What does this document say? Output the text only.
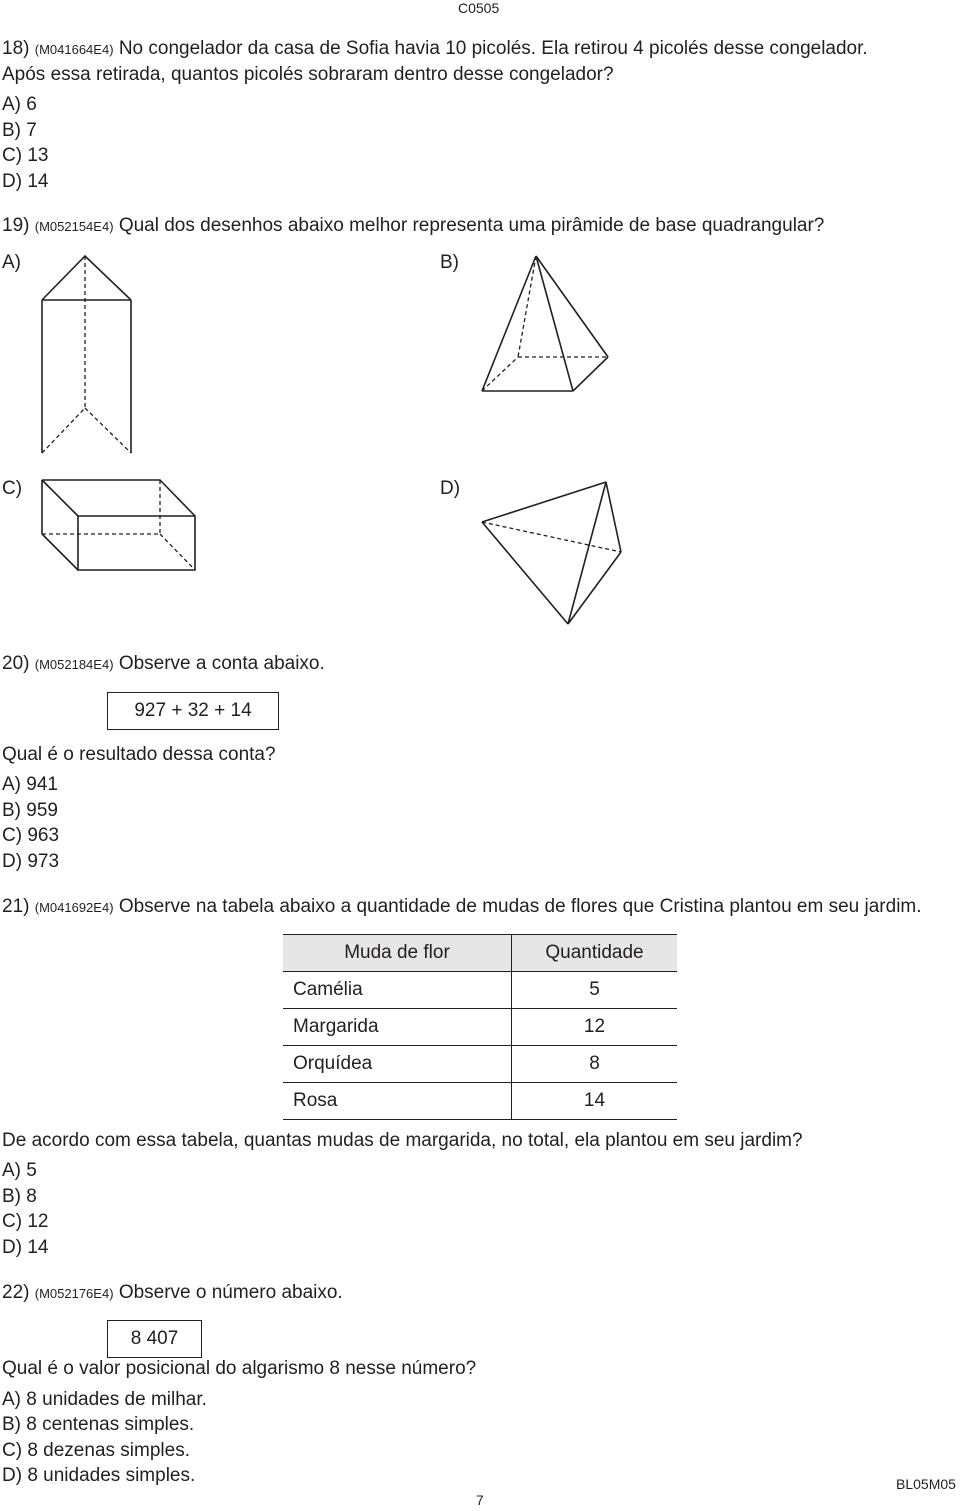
C0505
18) (M041664E4) No congelador da casa de Sofia havia 10 picolés. Ela retirou 4 picolés desse congelador.
Após essa retirada, quantos picolés sobraram dentro desse congelador?
A) 6
B) 7
C) 13
D) 14
19) (M052154E4) Qual dos desenhos abaixo melhor representa uma pirâmide de base quadrangular?
A)	B)
C)	D)
20) (M052184E4) Observe a conta abaixo.
927 + 32 + 14
Qual é o resultado dessa conta?
A) 941
B) 959
C) 963
D) 973
21) (M041692E4) Observe na tabela abaixo a quantidade de mudas de flores que Cristina plantou em seu jardim.
Muda de flor	Quantidade
Camélia	5
Margarida	12
Orquídea	8
Rosa	14
De acordo com essa tabela, quantas mudas de margarida, no total, ela plantou em seu jardim?
A) 5
B) 8
C) 12
D) 14
22) (M052176E4) Observe o número abaixo.
8 407
Qual é o valor posicional do algarismo 8 nesse número?
A) 8 unidades de milhar.
B) 8 centenas simples.
C) 8 dezenas simples.
D) 8 unidades simples.
7
BL05M05
